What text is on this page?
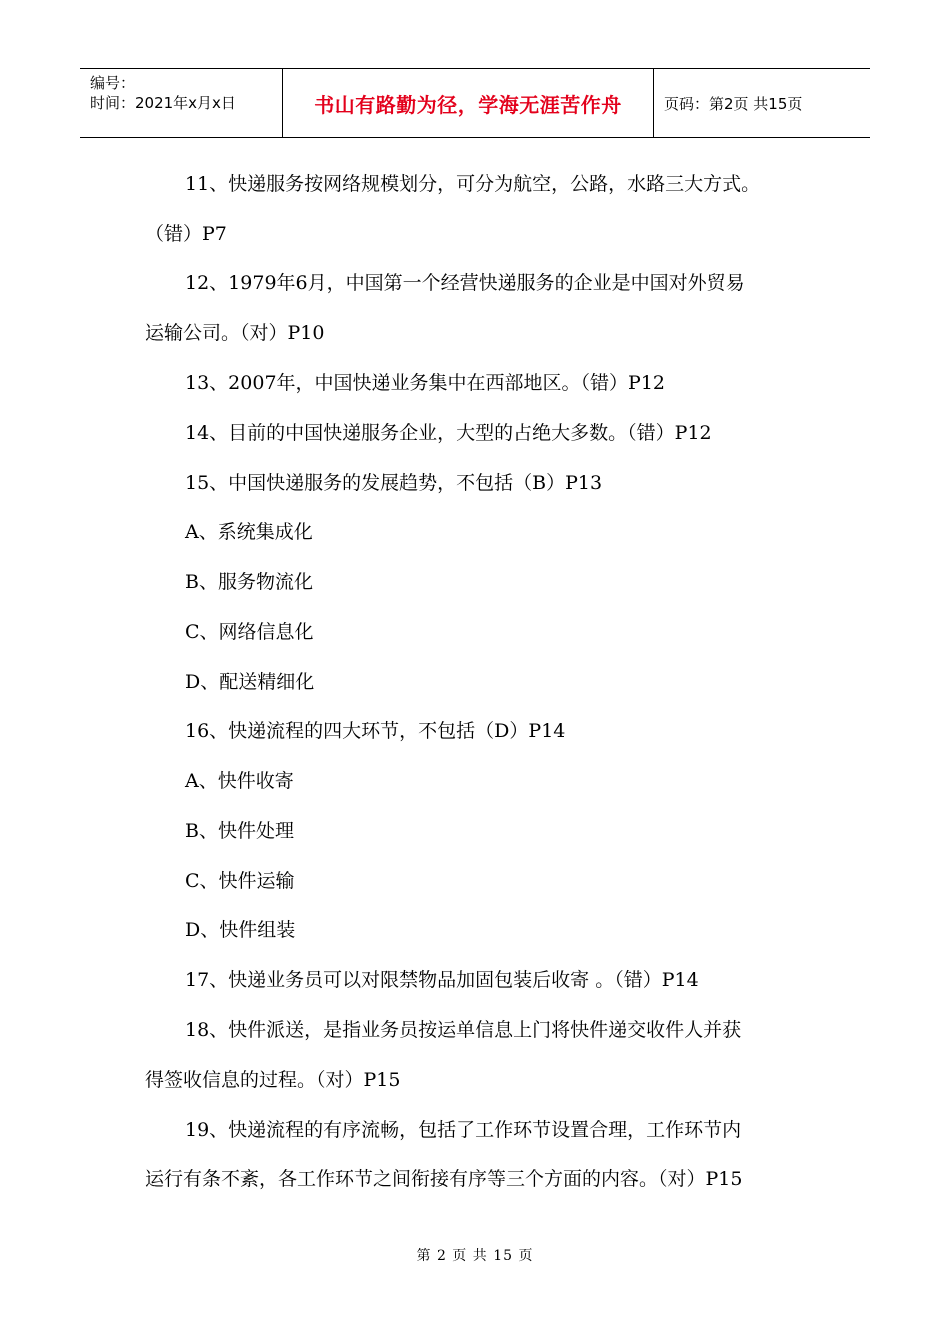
编号：
时间：2021年x月x日	书山有路勤为径，学海无涯苦作舟	页码：第2页 共15页
11、快递服务按网络规模划分，可分为航空，公路，水路三大方式。
（错）P7
12、1979年6月，中国第一个经营快递服务的企业是中国对外贸易
运输公司。（对）P10
13、2007年，中国快递业务集中在西部地区。（错）P12
14、目前的中国快递服务企业，大型的占绝大多数。（错）P12
15、中国快递服务的发展趋势，不包括（B）P13
A、系统集成化
B、服务物流化
C、网络信息化
D、配送精细化
16、快递流程的四大环节，不包括（D）P14
A、快件收寄
B、快件处理
C、快件运输
D、快件组装
17、快递业务员可以对限禁物品加固包装后收寄 。（错）P14
18、快件派送，是指业务员按运单信息上门将快件递交收件人并获
得签收信息的过程。（对）P15
19、快递流程的有序流畅，包括了工作环节设置合理，工作环节内
运行有条不紊，各工作环节之间衔接有序等三个方面的内容。（对）P15
第 2 页 共 15 页
